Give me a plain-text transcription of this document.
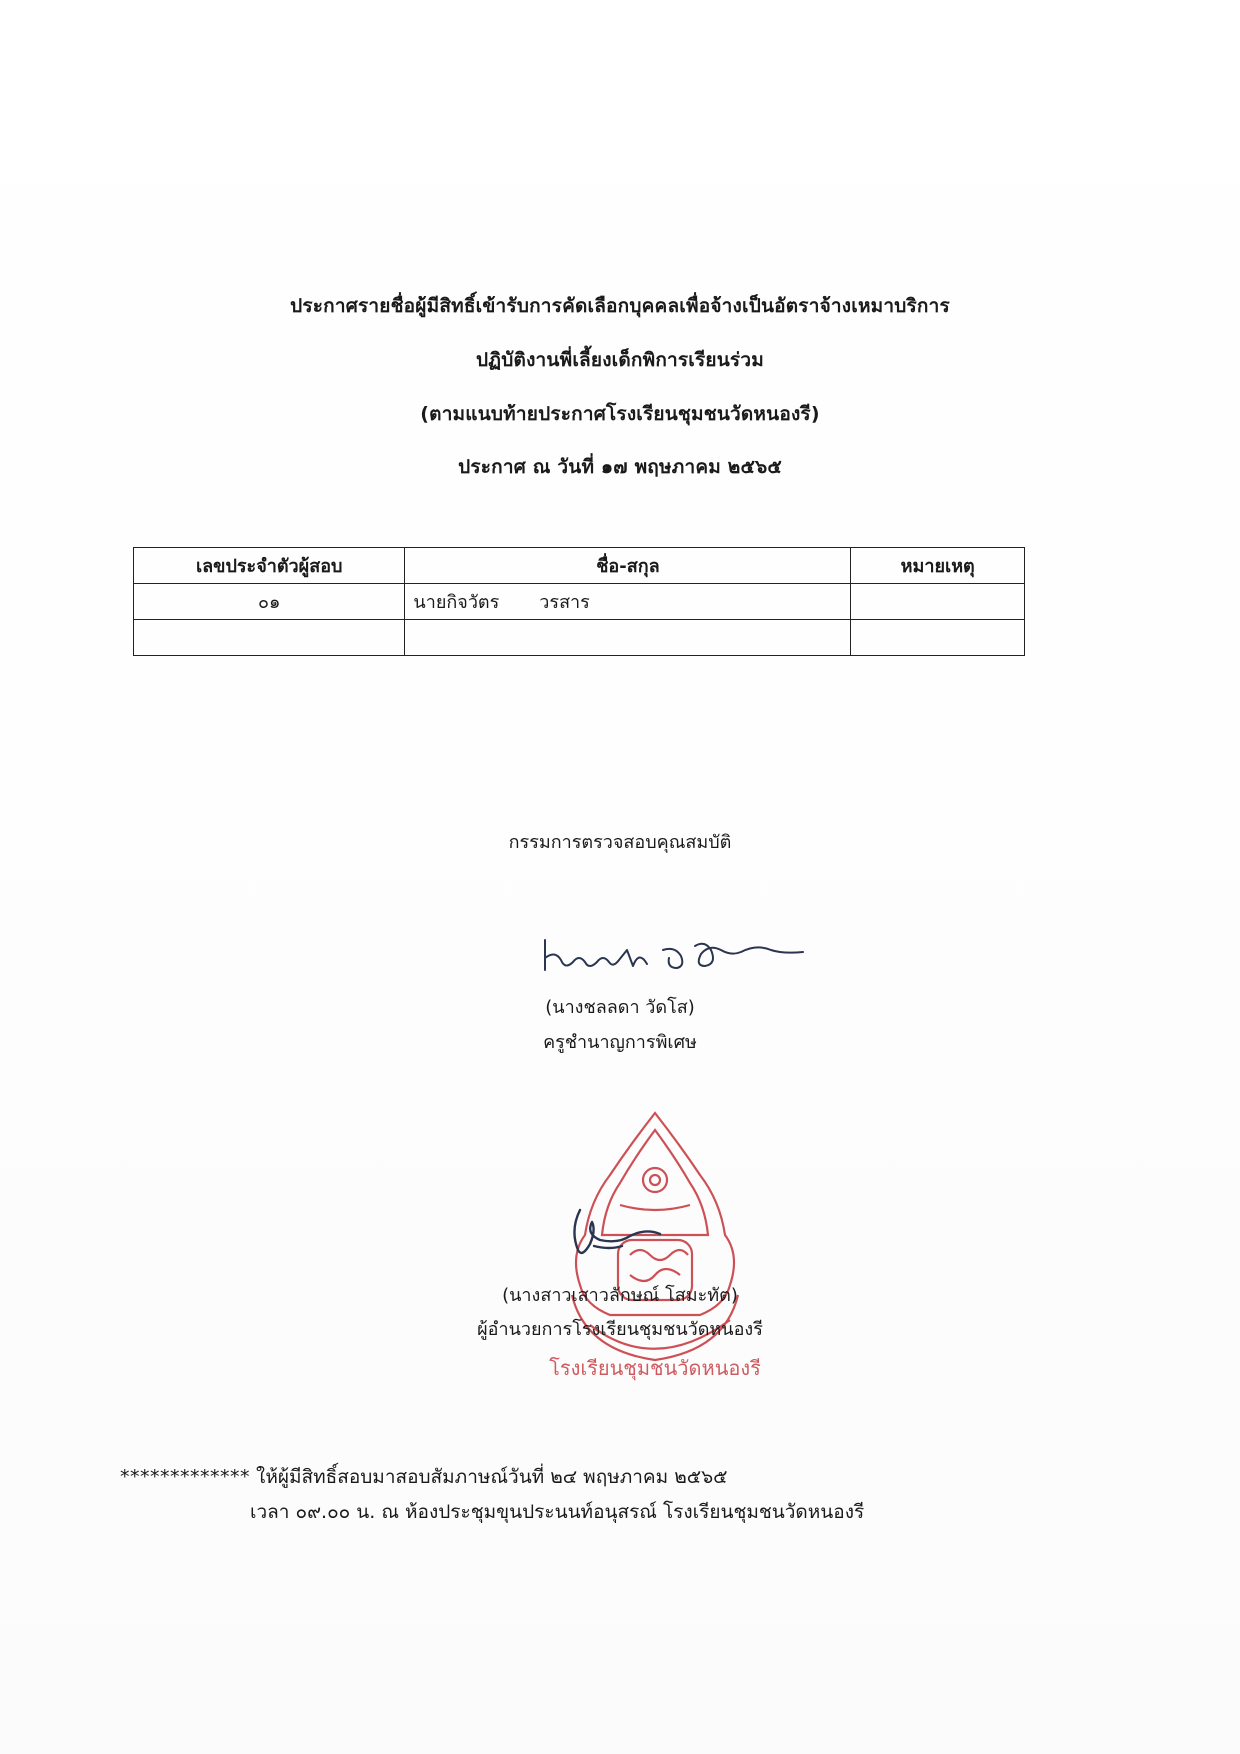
ประกาศรายชื่อผู้มีสิทธิ์เข้ารับการคัดเลือกบุคคลเพื่อจ้างเป็นอัตราจ้างเหมาบริการ
ปฏิบัติงานพี่เลี้ยงเด็กพิการเรียนร่วม
(ตามแนบท้ายประกาศโรงเรียนชุมชนวัดหนองรี)
ประกาศ ณ วันที่ ๑๗ พฤษภาคม ๒๕๖๕
เลขประจำตัวผู้สอบ	ชื่อ-สกุล	หมายเหตุ
๐๑	นายกิจวัตร วรสาร	

กรรมการตรวจสอบคุณสมบัติ
(นางชลลดา วัดโส)
ครูชำนาญการพิเศษ
โรงเรียนชุมชนวัดหนองรี
(นางสาวเสาวลักษณ์ โสมะทัต)
ผู้อำนวยการโรงเรียนชุมชนวัดหนองรี
************* ให้ผู้มีสิทธิ์สอบมาสอบสัมภาษณ์วันที่ ๒๔ พฤษภาคม ๒๕๖๕
เวลา ๐๙.๐๐ น. ณ ห้องประชุมขุนประนนท์อนุสรณ์ โรงเรียนชุมชนวัดหนองรี
